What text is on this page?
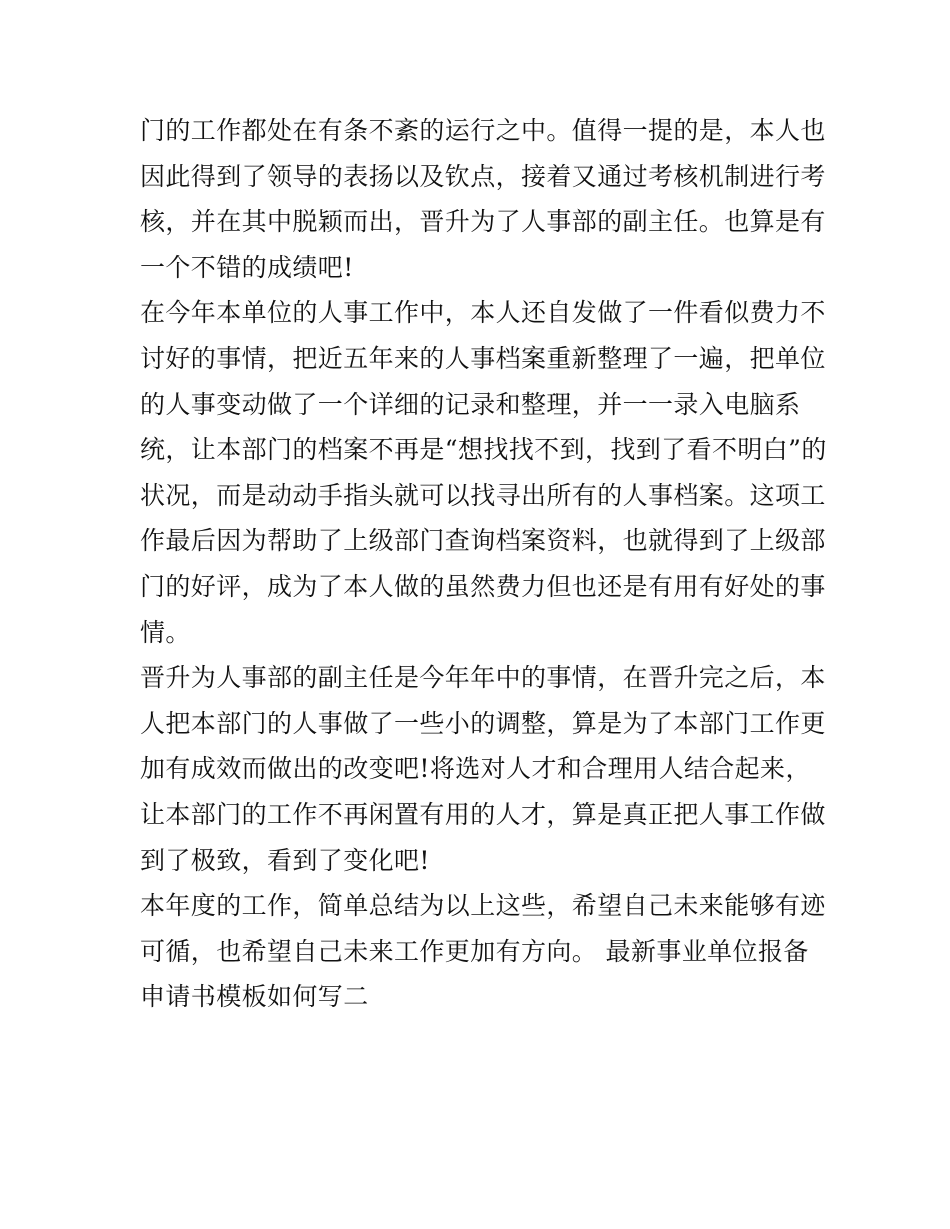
门的工作都处在有条不紊的运行之中。值得一提的是，本人也
因此得到了领导的表扬以及钦点，接着又通过考核机制进行考
核，并在其中脱颖而出，晋升为了人事部的副主任。也算是有
一个不错的成绩吧!
在今年本单位的人事工作中，本人还自发做了一件看似费力不
讨好的事情，把近五年来的人事档案重新整理了一遍，把单位
的人事变动做了一个详细的记录和整理，并一一录入电脑系
统，让本部门的档案不再是“想找找不到，找到了看不明白”的
状况，而是动动手指头就可以找寻出所有的人事档案。这项工
作最后因为帮助了上级部门查询档案资料，也就得到了上级部
门的好评，成为了本人做的虽然费力但也还是有用有好处的事
情。
晋升为人事部的副主任是今年年中的事情，在晋升完之后，本
人把本部门的人事做了一些小的调整，算是为了本部门工作更
加有成效而做出的改变吧!将选对人才和合理用人结合起来，
让本部门的工作不再闲置有用的人才，算是真正把人事工作做
到了极致，看到了变化吧!
本年度的工作，简单总结为以上这些，希望自己未来能够有迹
可循，也希望自己未来工作更加有方向。 最新事业单位报备
申请书模板如何写二
